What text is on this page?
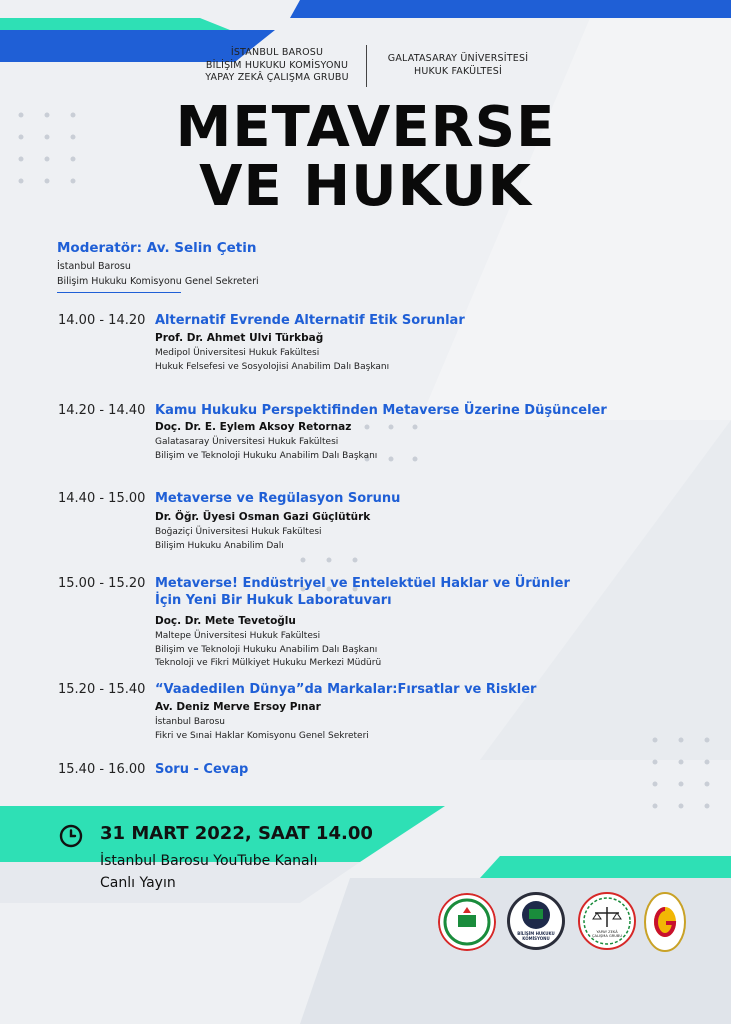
İSTANBUL BAROSU
BİLİŞİM HUKUKU KOMİSYONU
YAPAY ZEKÂ ÇALIŞMA GRUBU
GALATASARAY ÜNİVERSİTESİ
HUKUK FAKÜLTESİ
METAVERSE
VE HUKUK
Moderatör: Av. Selin Çetin
İstanbul Barosu
Bilişim Hukuku Komisyonu Genel Sekreteri
14.00 - 14.20 Alternatif Evrende Alternatif Etik Sorunlar
Prof. Dr. Ahmet Ulvi Türkbağ
Medipol Üniversitesi Hukuk Fakültesi
Hukuk Felsefesi ve Sosyolojisi Anabilim Dalı Başkanı
14.20 - 14.40 Kamu Hukuku Perspektifinden Metaverse Üzerine Düşünceler
Doç. Dr. E. Eylem Aksoy Retornaz
Galatasaray Üniversitesi Hukuk Fakültesi
Bilişim ve Teknoloji Hukuku Anabilim Dalı Başkanı
14.40 - 15.00 Metaverse ve Regülasyon Sorunu
Dr. Öğr. Üyesi Osman Gazi Güçlütürk
Boğaziçi Üniversitesi Hukuk Fakültesi
Bilişim Hukuku Anabilim Dalı
15.00 - 15.20 Metaverse! Endüstriyel ve Entelektüel Haklar ve Ürünler İçin Yeni Bir Hukuk Laboratuvarı
Doç. Dr. Mete Tevetoğlu
Maltepe Üniversitesi Hukuk Fakültesi
Bilişim ve Teknoloji Hukuku Anabilim Dalı Başkanı
Teknoloji ve Fikri Mülkiyet Hukuku Merkezi Müdürü
15.20 - 15.40 “Vaadedilen Dünya”da Markalar:Fırsatlar ve Riskler
Av. Deniz Merve Ersoy Pınar
İstanbul Barosu
Fikri ve Sınai Haklar Komisyonu Genel Sekreteri
15.40 - 16.00 Soru - Cevap
31 MART 2022, SAAT 14.00
İstanbul Barosu YouTube Kanalı
Canlı Yayın
BİLİŞİM HUKUKU
KOMİSYONU
YAPAY ZEKÂ
ÇALIŞMA GRUBU
